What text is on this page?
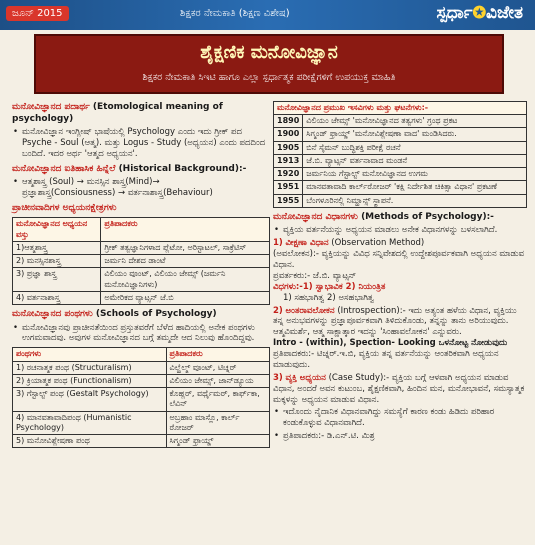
ಜೂನ್ 2015	ಶಿಕ್ಷಕರ ನೇಮಕಾತಿ (ಶಿಕ್ಷಣ ವಿಶೇಷ)	ಸ್ಪರ್ಧಾ✪ವಿಜೇತ
ಶೈಕ್ಷಣಿಕ ಮನೋವಿಜ್ಞಾನ
ಶಿಕ್ಷಕರ ನೇಮಕಾತಿ ಸಿಇಟಿ ಹಾಗೂ ಎಲ್ಲಾ ಸ್ಪರ್ಧಾತ್ಮಕ ಪರೀಕ್ಷೆಗಳಿಗೆ ಉಪಯುಕ್ತ ಮಾಹಿತಿ
ಮನೋವಿಜ್ಞಾನದ ಪದಾರ್ಥ (Etomological meaning of psychology)
• ಮನೋವಿಜ್ಞಾನ ಇಂಗ್ಲೀಷ್ ಭಾಷೆಯಲ್ಲಿ Psychology ಎಂದು ಇದು ಗ್ರೀಕ್ ಪದ Psyche - Soul (ಆತ್ಮ). ಮತ್ತು Logus - Study (ಅಧ್ಯಯನ) ಎಂದು ಪದದಿಂದ ಬಂದಿದೆ. ಇದರ ಅರ್ಥ 'ಆತ್ಮದ ಅಧ್ಯಯನ'.
ಮನೋವಿಜ್ಞಾನದ ಐತಿಹಾಸಿಕ ಹಿನ್ನೆಲೆ (Historical Background):-
• ಆತ್ಮಶಾಸ್ತ್ರ (Soul) → ಮನಸ್ಸಿನ ಶಾಸ್ತ್ರ(Mind)→
ಪ್ರಜ್ಞಾಶಾಸ್ತ್ರ(Consiousness) → ವರ್ತನಾಶಾಸ್ತ್ರ(Behaviour)
ಪ್ರಾಚೀನವಾದಿಗಳ ಅಧ್ಯಯನಕ್ಷೇತ್ರಗಳು
ಮನೋವಿಜ್ಞಾನದ ಅಧ್ಯಯನ ವಸ್ತು	ಪ್ರತಿಪಾದಕರು
1)ಆತ್ಮಶಾಸ್ತ್ರ	ಗ್ರೀಕ್ ತತ್ವಜ್ಞಾನಿಗಳಾದ ಪ್ಲೆಟೋ, ಅರಿಸ್ಟಾಟಲ್, ಸಾಕ್ರೆಟಿಸ್
2) ಮನಸ್ಸಿನಶಾಸ್ತ್ರ	ಜರ್ಮನಿ ದೇಶದ ಡಾಂಟೆ
3) ಪ್ರಜ್ಞಾ ಶಾಸ್ತ್ರ	ವಿಲಿಯಂ ವೂಂಟ್, ವಿಲಿಯಂ ಜೇಮ್ಸ್ (ಜರ್ಮನಿ ಮನೋವಿಜ್ಞಾನಿಗಳು)
4) ವರ್ತನಾಶಾಸ್ತ್ರ	ಅಮೇರಿಕದ ವ್ಯಾಟ್ಸನ್ ಜೆ.ಬಿ
ಮನೋವಿಜ್ಞಾನದ ಪಂಥಗಳು (Schools of Psychology)
• ಮನೋವಿಜ್ಞಾನವು ಪ್ರಾಚೀನತೆಯಿಂದ ಪ್ರಸ್ತುತವರೆಗೆ ಬೆಳೆದ ಹಾದಿಯಲ್ಲಿ ಅನೇಕ ಪಂಥಗಳು ಉಗಮವಾದವು. ಅವುಗಳ ಮನೋವಿಜ್ಞಾನದ ಬಗ್ಗೆ ತಮ್ಮದೇ ಆದ ನಿಲುವು ಹೊಂದಿದ್ದವು.
ಪಂಥಗಳು	ಪ್ರತಿಪಾದಕರು
1) ರಚನಾತ್ಮಕ ಪಂಥ (Structuralism)	ವಿಲ್ಹೆಲ್ಮ್ ವೂಂಟ್, ಟಿಚ್ನರ್
2) ಕ್ರಿಯಾತ್ಮಕ ಪಂಥ (Functionalism)	ವಿಲಿಯಂ ಜೇಮ್ಸ್, ಜಾನ್‌ಡ್ಯೂಯ
3) ಗೆಸ್ಟಾಲ್ಟ್ ಪಂಥ (Gestalt Psychology)	ಕೊಹ್ಲರ್, ವರ್ಥೈಮರ್, ಕಾರ್ಫ್‌ಕಾ, ಲೆವಿನ್
4) ಮಾನವತಾವಾದಿಪಂಥ (Humanistic Psychology)	ಅಬ್ರಹಾಂ ಮಾಸ್ಲೊ, ಕಾರ್ಲ್ ರೋಜರ್
5) ಮನೋವಿಶ್ಲೇಷಣಾ ಪಂಥ	ಸಿಗ್ಮಂಡ್ ಫ್ರಾಯ್ಡ್
ಮನೋವಿಜ್ಞಾನದ ಪ್ರಮುಖ ಇಸವಿಗಳು ಮತ್ತು ಘಟನೆಗಳು:-	
1890	ವಿಲಿಯಂ ಜೇಮ್ಸ್ 'ಮನೋವಿಜ್ಞಾನದ ತತ್ವಗಳು' ಗ್ರಂಥ ಪ್ರಕಟ
1900	ಸಿಗ್ಮಂಡ್ ಫ್ರಾಯ್ಡ್ 'ಮನೋವಿಶ್ಲೇಷಣಾ ವಾದ' ಮಂಡಿಸಿದರು.
1905	ಬಿನೆ ಸೈಮನ್ ಬುದ್ಧಿಶಕ್ತಿ ಪರೀಕ್ಷೆ ರಚನೆ
1913	ಜೆ.ಬಿ. ವ್ಯಾಟ್ಸನ್ ವರ್ತನಾವಾದ ಮಂಡನೆ
1920	ಜರ್ಮನಿಯ ಗೆಸ್ಟಾಲ್ಟ್ ಮನೋವಿಜ್ಞಾನದ ಉಗಮ
1951	ಮಾನವತಾವಾದಿ ಕಾರ್ಲ್‌ರೋಜರ್ 'ಕಕ್ಷಿ ನಿರ್ದೇಶಿತ ಚಿಕಿತ್ಸಾ ವಿಧಾನ' ಪ್ರಕಟಣೆ
1955	ಬೆಂಗಳೂರಿನಲ್ಲಿ ನಿಮ್ಹಾನ್ಸ್ ಸ್ಥಾಪನೆ.
ಮನೋವಿಜ್ಞಾನದ ವಿಧಾನಗಳು (Methods of Psychology):-
• ವ್ಯಕ್ತಿಯ ವರ್ತನೆಯನ್ನು ಅಧ್ಯಯನ ಮಾಡಲು ಅನೇಕ ವಿಧಾನಗಳನ್ನು ಬಳಸಲಾಗಿದೆ.
1) ವೀಕ್ಷಣಾ ವಿಧಾನ (Observation Method)
(ಅವಲೋಕನ):- ವ್ಯಕ್ತಿಯನ್ನು ವಿವಿಧ ಸನ್ನಿವೇಶದಲ್ಲಿ ಉದ್ದೇಶಪೂರ್ವಕವಾಗಿ ಅಧ್ಯಯನ ಮಾಡುವ ವಿಧಾನ.
ಪ್ರವರ್ತಕರು:- ಜೆ.ಬಿ. ವ್ಯಾಟ್ಸನ್
ವಿಧಗಳು:-1) ಸ್ವಾಭಾವಿಕ 2) ನಿಯಂತ್ರಿತ
1) ಸಹಭಾಗಿತ್ವ 2) ಅಸಹಭಾಗಿತ್ವ
2) ಅಂತರಾವಲೋಕನ (Introspection):- ಇದು ಅತ್ಯಂತ ಹಳೆಯ ವಿಧಾನ, ವ್ಯಕ್ತಿಯು ತನ್ನ ಅನುಭವಗಳನ್ನು ಪ್ರಜ್ಞಾಪೂರ್ವಕವಾಗಿ ತಿಳಿದುಕೊಂಡು, ತನ್ನನ್ನು ತಾನು ಅರಿಯುವುದು. ಆತ್ಮವಿಮರ್ಶೆ, ಆತ್ಮ ಸಾಕ್ಷಾತ್ಕಾರ ಇದನ್ನು 'ಸಿಂಹಾವಲೋಕನ' ಎನ್ನುವರು.
Intro - (within), Spection- Looking ಒಳನೋಟ್ಟ ನೋಡುವುದು
ಪ್ರತಿಪಾದಕರು:- ಟಿಚ್ನರ್.ಇ.ಬಿ, ವ್ಯಕ್ತಿಯ ತನ್ನ ವರ್ತನೆಯನ್ನು ಆಂತರಿಕವಾಗಿ ಅಧ್ಯಯನ ಮಾಡುವುದು.
3) ವ್ಯಕ್ತಿ ಅಧ್ಯಯನ (Case Study):- ವ್ಯಕ್ತಿಯ ಬಗ್ಗೆ ಆಳವಾಗಿ ಅಧ್ಯಯನ ಮಾಡುವ ವಿಧಾನ, ಅಂದರೆ ಅವನ ಕುಟುಂಬ, ಶೈಕ್ಷಣಿಕವಾಗಿ, ಹಿಂದಿನ ಮನ, ಮನೋಭಾವನೆ, ಸಮಸ್ಯಾತ್ಮಕ ಮಕ್ಕಳನ್ನು ಅಧ್ಯಯನ ಮಾಡುವ ವಿಧಾನ.
• ಇದೊಂದು ನೈದಾನಿಕ ವಿಧಾನವಾಗಿದ್ದು ಸಮಸ್ಯೆಗೆ ಕಾರಣ ಕಂಡು ಹಿಡಿದು ಪರಿಹಾರ ಕಂಡುಕೊಳ್ಳುವ ವಿಧಾನವಾಗಿದೆ.
• ಪ್ರತಿಪಾದಕರು:- ಡಿ.ಎನ್.ಟಿ. ಮಿಶ್ರ
